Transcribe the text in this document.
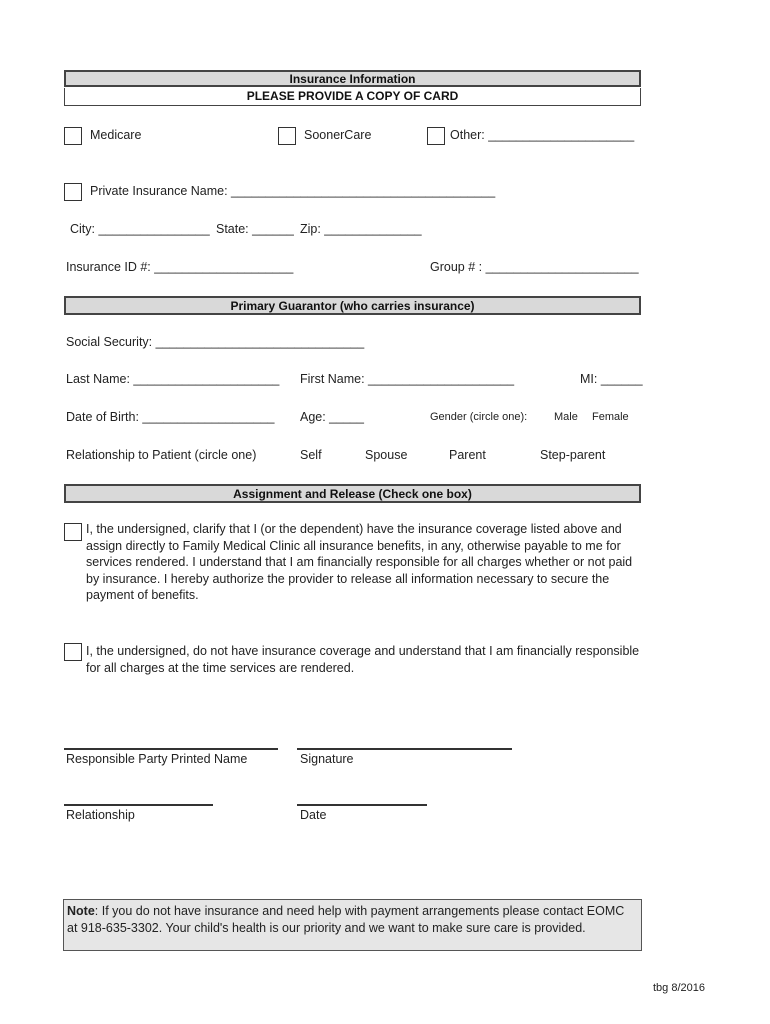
Insurance Information
PLEASE PROVIDE A COPY OF CARD
Medicare	SoonerCare	Other: _____________________
Private Insurance Name: ______________________________________
City: ________________ State: ______ Zip: ______________
Insurance ID #: ____________________	Group # : ______________________
Primary Guarantor (who carries insurance)
Social Security: ______________________________
Last Name: _____________________ First Name: _____________________	MI: ______
Date of Birth: ___________________ Age: _____	Gender (circle one): Male Female
Relationship to Patient (circle one)	Self	Spouse	Parent	Step-parent
Assignment and Release (Check one box)
I, the undersigned, clarify that I (or the dependent) have the insurance coverage listed above and assign directly to Family Medical Clinic all insurance benefits, in any, otherwise payable to me for services rendered. I understand that I am financially responsible for all charges whether or not paid by insurance. I hereby authorize the provider to release all information necessary to secure the payment of benefits.
I, the undersigned, do not have insurance coverage and understand that I am financially responsible for all charges at the time services are rendered.
Responsible Party Printed Name	Signature
Relationship	Date
Note: If you do not have insurance and need help with payment arrangements please contact EOMC at 918-635-3302. Your child's health is our priority and we want to make sure care is provided.
tbg 8/2016
